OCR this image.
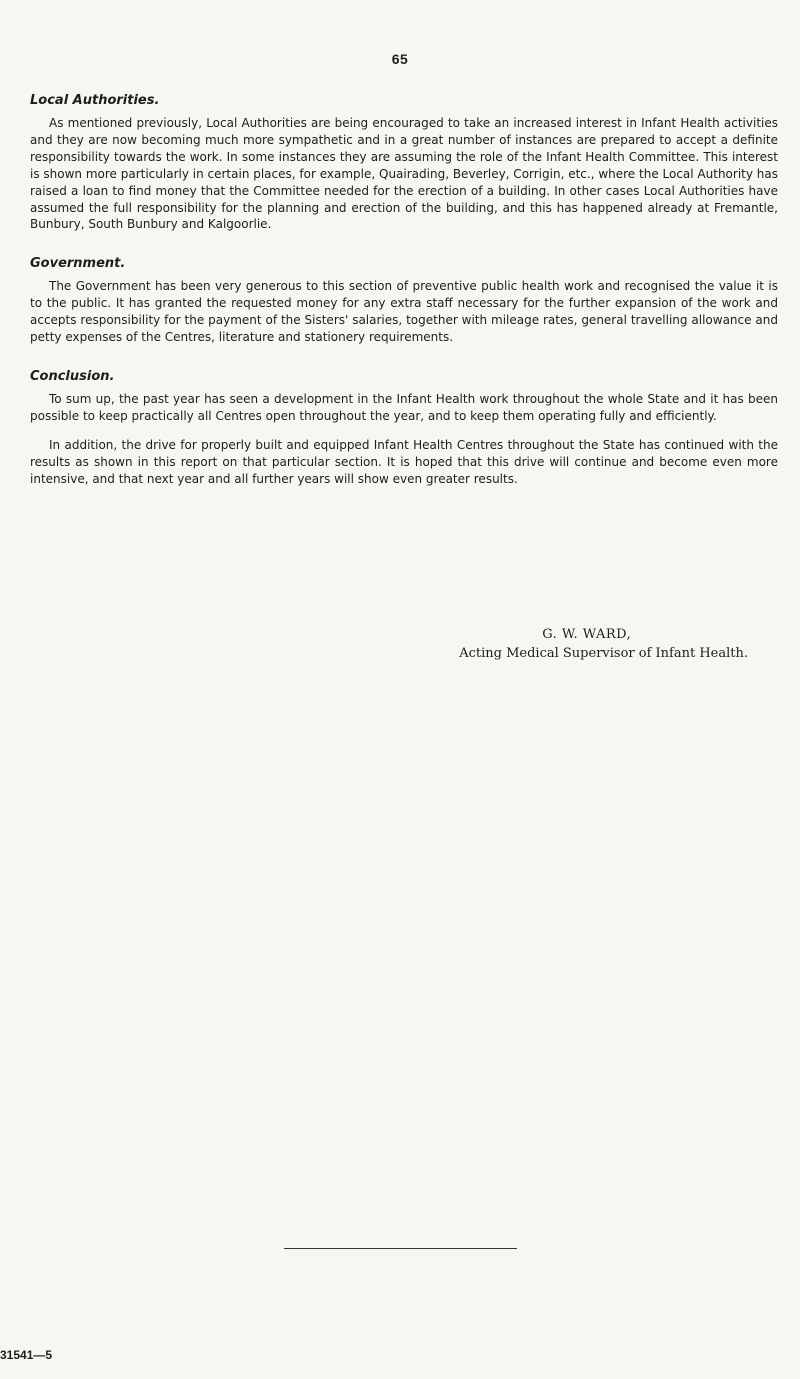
65
Local Authorities.

As mentioned previously, Local Authorities are being encouraged to take an increased interest in Infant Health activities and they are now becoming much more sympathetic and in a great number of instances are prepared to accept a definite responsibility towards the work. In some instances they are assuming the role of the Infant Health Committee. This interest is shown more particularly in certain places, for example, Quairading, Beverley, Corrigin, etc., where the Local Authority has raised a loan to find money that the Committee needed for the erection of a building. In other cases Local Authorities have assumed the full responsibility for the planning and erection of the building, and this has happened already at Fremantle, Bunbury, South Bunbury and Kalgoorlie.

Government.

The Government has been very generous to this section of preventive public health work and recognised the value it is to the public. It has granted the requested money for any extra staff necessary for the further expansion of the work and accepts responsibility for the payment of the Sisters' salaries, together with mileage rates, general travelling allowance and petty expenses of the Centres, literature and stationery requirements.

Conclusion.

To sum up, the past year has seen a development in the Infant Health work throughout the whole State and it has been possible to keep practically all Centres open throughout the year, and to keep them operating fully and efficiently.

In addition, the drive for properly built and equipped Infant Health Centres throughout the State has continued with the results as shown in this report on that particular section. It is hoped that this drive will continue and become even more intensive, and that next year and all further years will show even greater results.

G. W. WARD,
Acting Medical Supervisor of Infant Health.
31541—5
